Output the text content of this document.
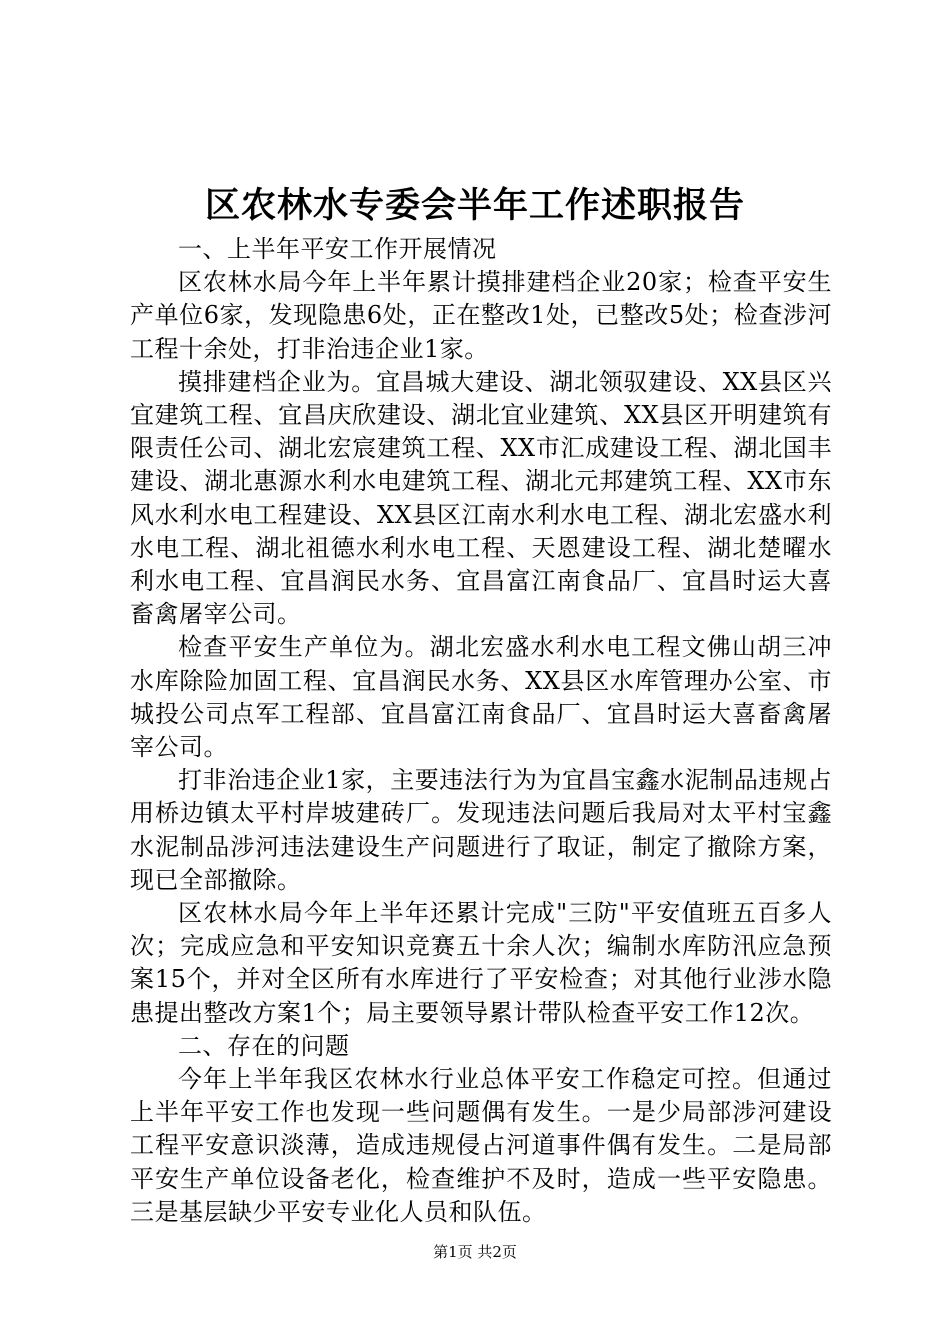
区农林水专委会半年工作述职报告

一、上半年平安工作开展情况

区农林水局今年上半年累计摸排建档企业20家；检查平安生产单位6家，发现隐患6处，正在整改1处，已整改5处；检查涉河工程十余处，打非治违企业1家。

摸排建档企业为。宜昌城大建设、湖北领驭建设、XX县区兴宜建筑工程、宜昌庆欣建设、湖北宜业建筑、XX县区开明建筑有限责任公司、湖北宏宸建筑工程、XX市汇成建设工程、湖北国丰建设、湖北惠源水利水电建筑工程、湖北元邦建筑工程、XX市东风水利水电工程建设、XX县区江南水利水电工程、湖北宏盛水利水电工程、湖北祖德水利水电工程、天恩建设工程、湖北楚曜水利水电工程、宜昌润民水务、宜昌富江南食品厂、宜昌时运大喜畜禽屠宰公司。

检查平安生产单位为。湖北宏盛水利水电工程文佛山胡三冲水库除险加固工程、宜昌润民水务、XX县区水库管理办公室、市城投公司点军工程部、宜昌富江南食品厂、宜昌时运大喜畜禽屠宰公司。

打非治违企业1家，主要违法行为为宜昌宝鑫水泥制品违规占用桥边镇太平村岸坡建砖厂。发现违法问题后我局对太平村宝鑫水泥制品涉河违法建设生产问题进行了取证，制定了撤除方案，现已全部撤除。

区农林水局今年上半年还累计完成"三防"平安值班五百多人次；完成应急和平安知识竞赛五十余人次；编制水库防汛应急预案15个，并对全区所有水库进行了平安检查；对其他行业涉水隐患提出整改方案1个；局主要领导累计带队检查平安工作12次。

二、存在的问题

今年上半年我区农林水行业总体平安工作稳定可控。但通过上半年平安工作也发现一些问题偶有发生。一是少局部涉河建设工程平安意识淡薄，造成违规侵占河道事件偶有发生。二是局部平安生产单位设备老化，检查维护不及时，造成一些平安隐患。三是基层缺少平安专业化人员和队伍。

第1页 共2页
